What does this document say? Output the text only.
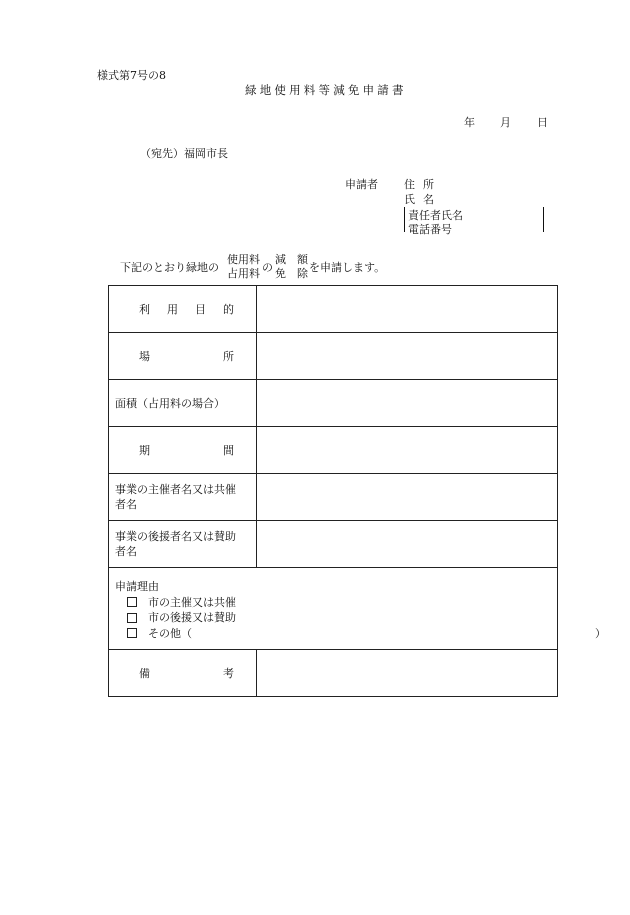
様式第7号の8
緑地使用料等減免申請書
年 月 日
（宛先）福岡市長
申請者 住所
氏名
責任者氏名
電話番号
下記のとおり緑地の
使用料
占用料 の
減　額
免　除 を申請します。
利 用 目 的	

場 所	

面積（占用料の場合）	

期 間	

事業の主催者名又は共催
者名	

事業の後援者名又は賛助
者名	

申請理由
市の主催又は共催
市の後援又は賛助
その他（ ）	

備 考	
